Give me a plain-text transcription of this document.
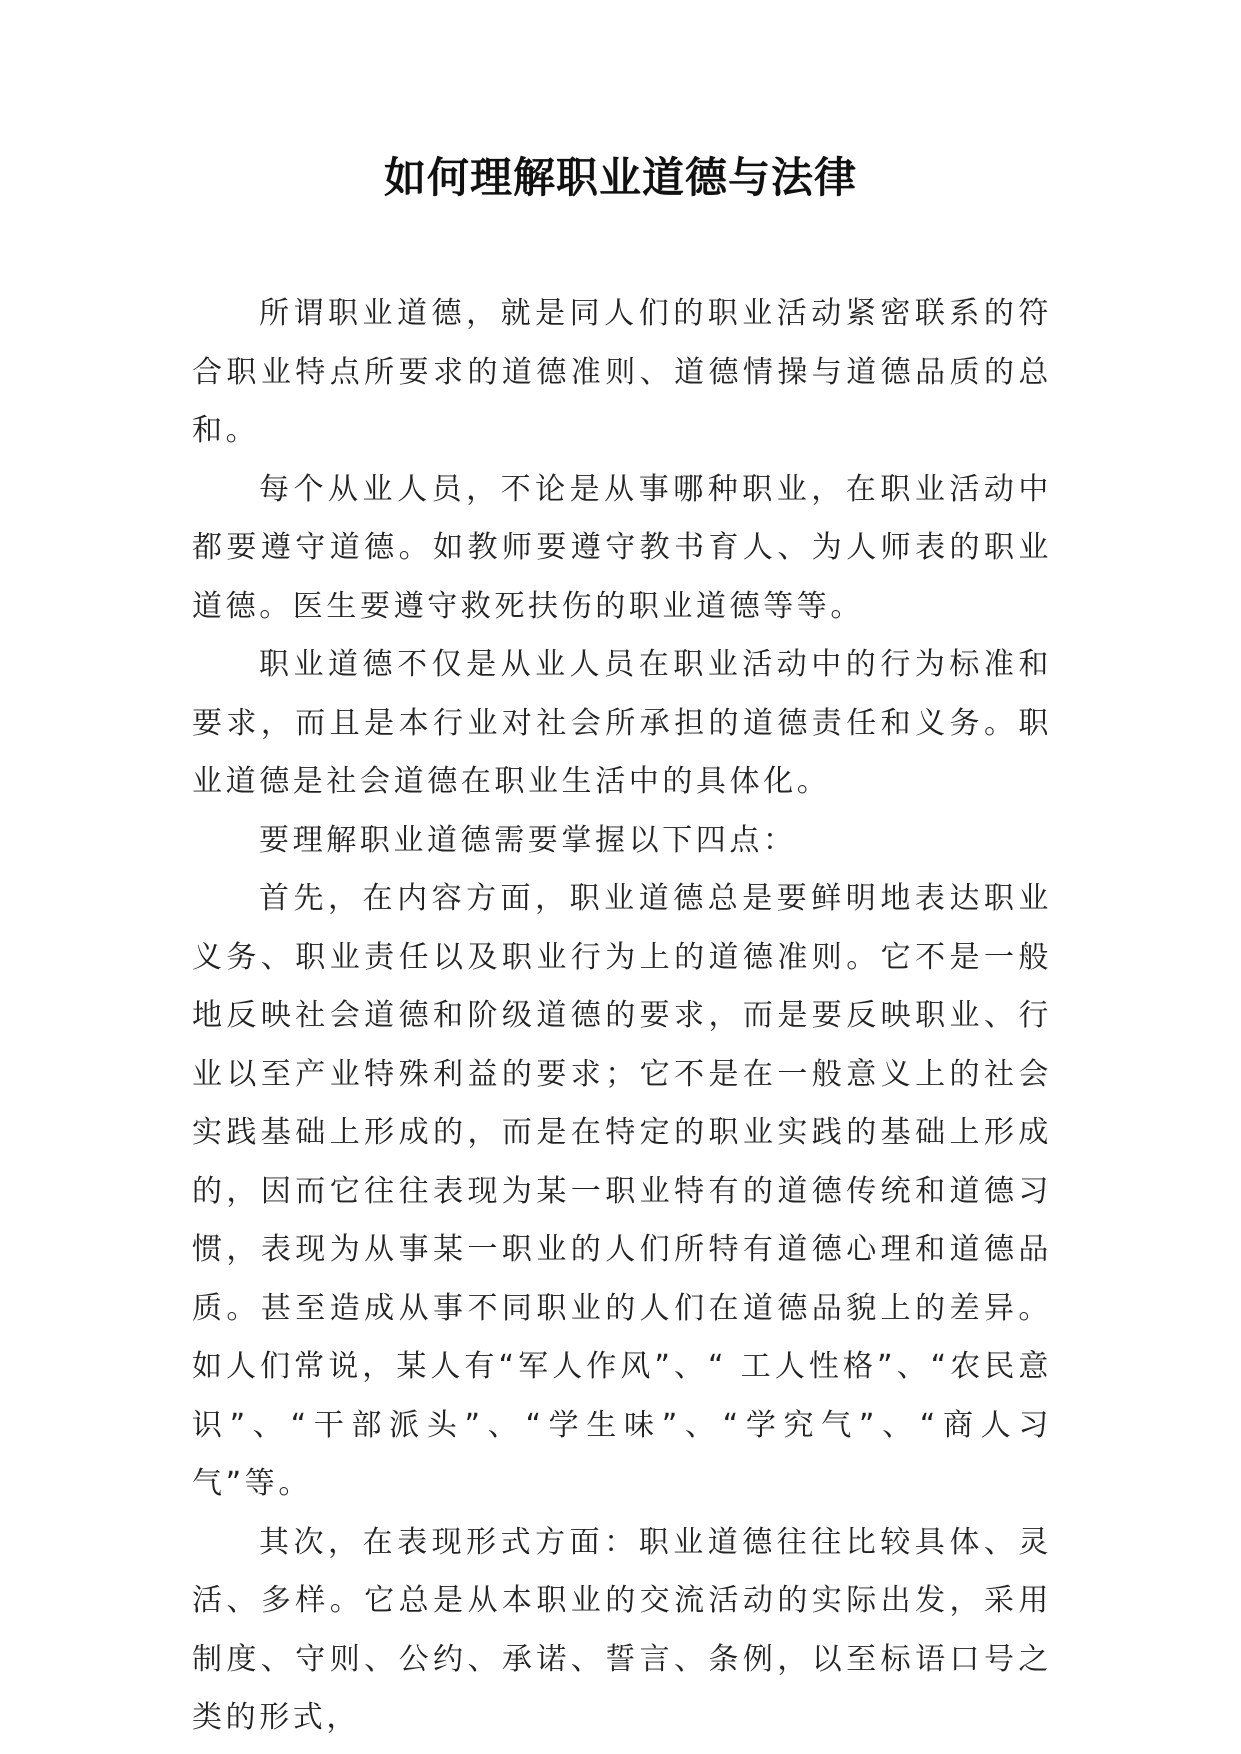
如何理解职业道德与法律

所谓职业道德，就是同人们的职业活动紧密联系的符合职业特点所要求的道德准则、道德情操与道德品质的总和。

每个从业人员，不论是从事哪种职业，在职业活动中都要遵守道德。如教师要遵守教书育人、为人师表的职业道德。医生要遵守救死扶伤的职业道德等等。

职业道德不仅是从业人员在职业活动中的行为标准和要求，而且是本行业对社会所承担的道德责任和义务。职业道德是社会道德在职业生活中的具体化。

要理解职业道德需要掌握以下四点：

首先，在内容方面，职业道德总是要鲜明地表达职业义务、职业责任以及职业行为上的道德准则。它不是一般地反映社会道德和阶级道德的要求，而是要反映职业、行业以至产业特殊利益的要求；它不是在一般意义上的社会实践基础上形成的，而是在特定的职业实践的基础上形成的，因而它往往表现为某一职业特有的道德传统和道德习惯，表现为从事某一职业的人们所特有道德心理和道德品质。甚至造成从事不同职业的人们在道德品貌上的差异。如人们常说，某人有“军人作风”、“ 工人性格”、“农民意识”、“干部派头”、“学生味”、“学究气”、“商人习气”等。

其次，在表现形式方面：职业道德往往比较具体、灵活、多样。它总是从本职业的交流活动的实际出发，采用制度、守则、公约、承诺、誓言、条例，以至标语口号之类的形式，
